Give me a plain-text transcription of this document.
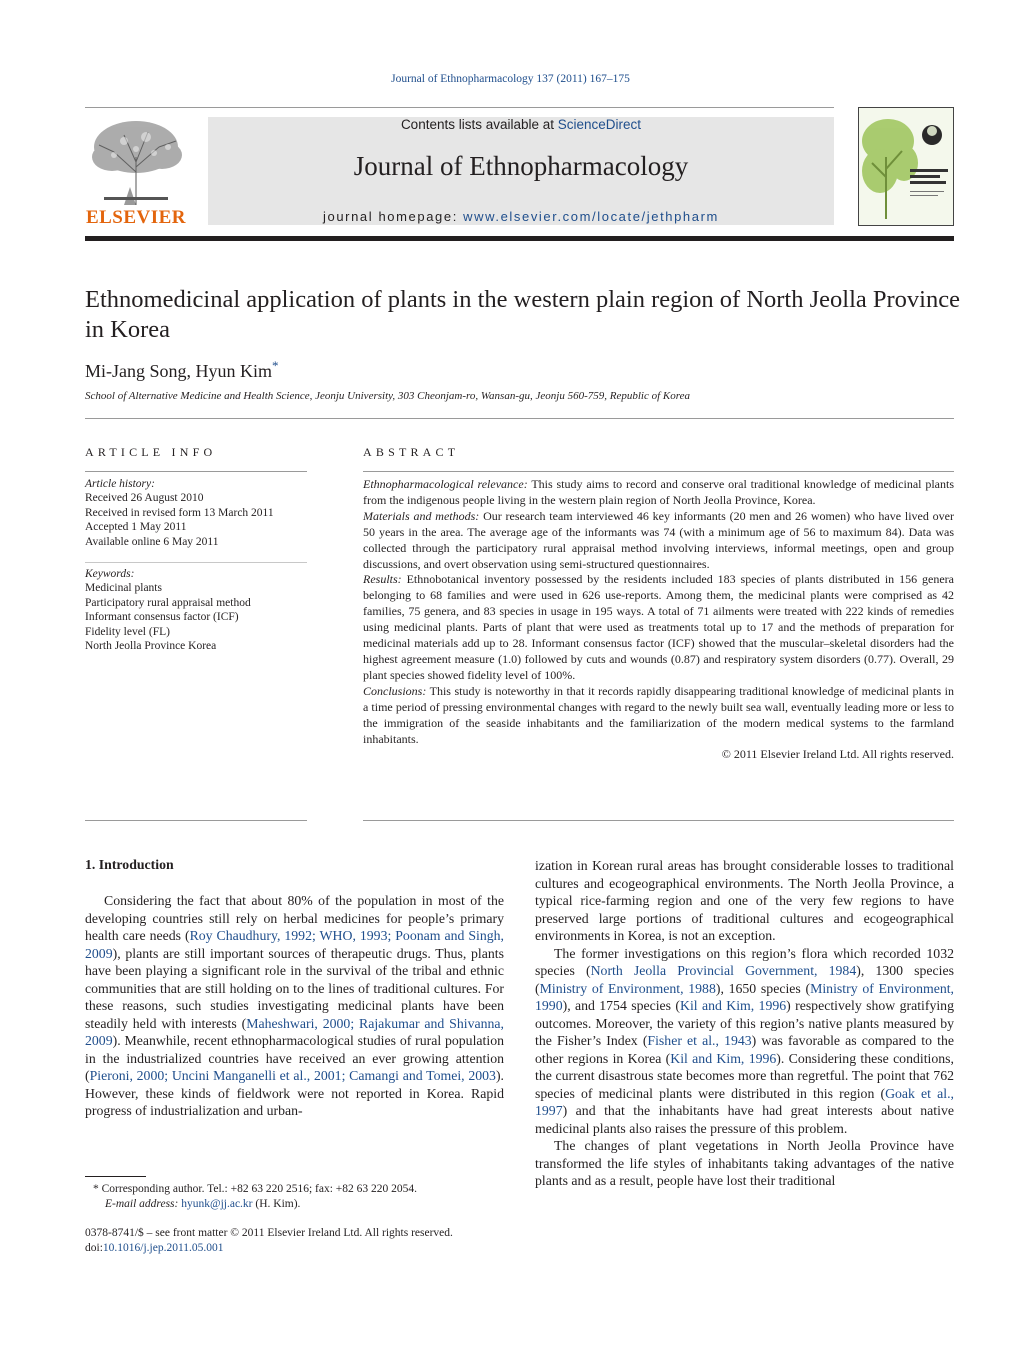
Journal of Ethnopharmacology 137 (2011) 167–175
ELSEVIER
Contents lists available at ScienceDirect
Journal of Ethnopharmacology
journal homepage: www.elsevier.com/locate/jethpharm
Ethnomedicinal application of plants in the western plain region of North Jeolla Province in Korea
Mi-Jang Song, Hyun Kim*
School of Alternative Medicine and Health Science, Jeonju University, 303 Cheonjam-ro, Wansan-gu, Jeonju 560-759, Republic of Korea
ARTICLE INFO
Article history:
Received 26 August 2010
Received in revised form 13 March 2011
Accepted 1 May 2011
Available online 6 May 2011
Keywords:
Medicinal plants
Participatory rural appraisal method
Informant consensus factor (ICF)
Fidelity level (FL)
North Jeolla Province Korea
ABSTRACT

Ethnopharmacological relevance: This study aims to record and conserve oral traditional knowledge of medicinal plants from the indigenous people living in the western plain region of North Jeolla Province, Korea.

Materials and methods: Our research team interviewed 46 key informants (20 men and 26 women) who have lived over 50 years in the area. The average age of the informants was 74 (with a minimum age of 56 to maximum 84). Data was collected through the participatory rural appraisal method involving interviews, informal meetings, open and group discussions, and overt observation using semi-structured questionnaires.

Results: Ethnobotanical inventory possessed by the residents included 183 species of plants distributed in 156 genera belonging to 68 families and were used in 626 use-reports. Among them, the medicinal plants were comprised as 42 families, 75 genera, and 83 species in usage in 195 ways. A total of 71 ailments were treated with 222 kinds of remedies using medicinal plants. Parts of plant that were used as treatments total up to 17 and the methods of preparation for medicinal materials add up to 28. Informant consensus factor (ICF) showed that the muscular–skeletal disorders had the highest agreement measure (1.0) followed by cuts and wounds (0.87) and respiratory system disorders (0.77). Overall, 29 plant species showed fidelity level of 100%.

Conclusions: This study is noteworthy in that it records rapidly disappearing traditional knowledge of medicinal plants in a time period of pressing environmental changes with regard to the newly built sea wall, eventually leading more or less to the immigration of the seaside inhabitants and the familiarization of the modern medical systems to the farmland inhabitants.

© 2011 Elsevier Ireland Ltd. All rights reserved.

1. Introduction

Considering the fact that about 80% of the population in most of the developing countries still rely on herbal medicines for people’s primary health care needs (Roy Chaudhury, 1992; WHO, 1993; Poonam and Singh, 2009), plants are still important sources of therapeutic drugs. Thus, plants have been playing a significant role in the survival of the tribal and ethnic communities that are still holding on to the lines of traditional cultures. For these reasons, such studies investigating medicinal plants have been steadily held with interests (Maheshwari, 2000; Rajakumar and Shivanna, 2009). Meanwhile, recent ethnopharmacological studies of rural population in the industrialized countries have received an ever growing attention (Pieroni, 2000; Uncini Manganelli et al., 2001; Camangi and Tomei, 2003). However, these kinds of fieldwork were not reported in Korea. Rapid progress of industrialization and urban-

ization in Korean rural areas has brought considerable losses to traditional cultures and ecogeographical environments. The North Jeolla Province, a typical rice-farming region and one of the very few regions to have preserved large portions of traditional cultures and ecogeographical environments in Korea, is not an exception.

The former investigations on this region’s flora which recorded 1032 species (North Jeolla Provincial Government, 1984), 1300 species (Ministry of Environment, 1988), 1650 species (Ministry of Environment, 1990), and 1754 species (Kil and Kim, 1996) respectively show gratifying outcomes. Moreover, the variety of this region’s native plants measured by the Fisher’s Index (Fisher et al., 1943) was favorable as compared to the other regions in Korea (Kil and Kim, 1996). Considering these conditions, the current disastrous state becomes more than regretful. The point that 762 species of medicinal plants were distributed in this region (Goak et al., 1997) and that the inhabitants have had great interests about native medicinal plants also raises the pressure of this problem.

The changes of plant vegetations in North Jeolla Province have transformed the life styles of inhabitants taking advantages of the native plants and as a result, people have lost their traditional

* Corresponding author. Tel.: +82 63 220 2516; fax: +82 63 220 2054.
E-mail address: hyunk@jj.ac.kr (H. Kim).
0378-8741/$ – see front matter © 2011 Elsevier Ireland Ltd. All rights reserved.
doi:10.1016/j.jep.2011.05.001
